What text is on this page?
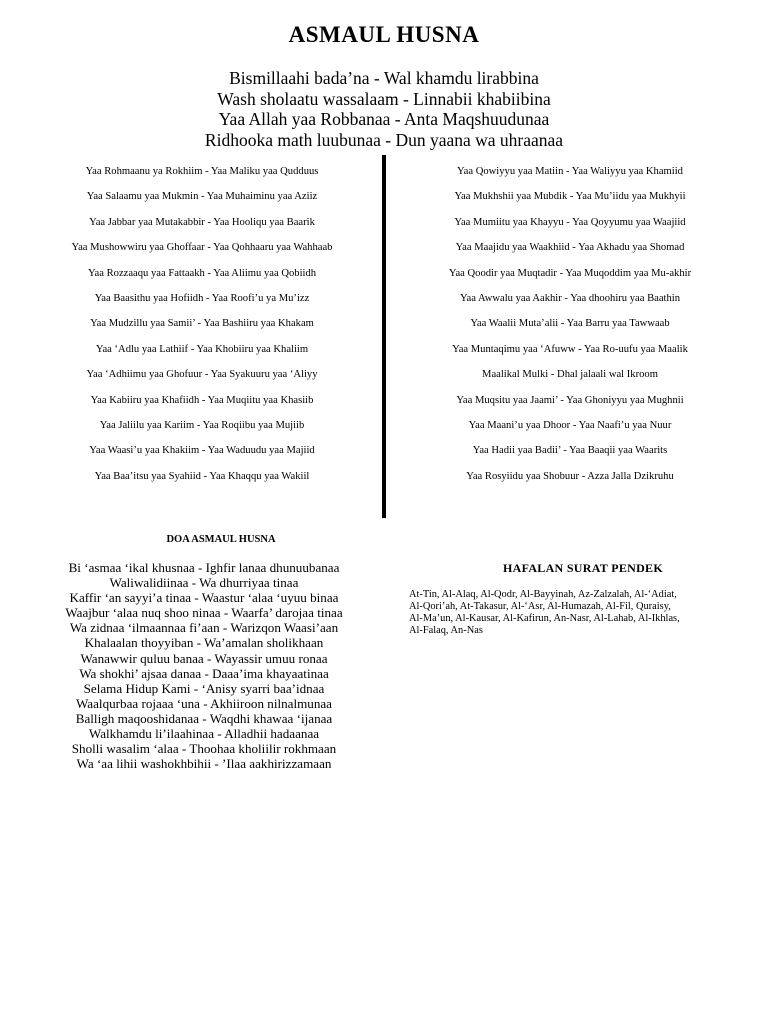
ASMAUL HUSNA
Bismillaahi bada’na - Wal khamdu lirabbina
Wash sholaatu wassalaam - Linnabii khabiibina
Yaa Allah yaa Robbanaa - Anta Maqshuudunaa
Ridhooka math luubunaa - Dun yaana wa uhraanaa
Yaa Rohmaanu ya Rokhiim - Yaa Maliku yaa Qudduus
Yaa Salaamu yaa Mukmin - Yaa Muhaiminu yaa Aziiz
Yaa Jabbar yaa Mutakabbir - Yaa Hooliqu yaa Baarik
Yaa Mushowwiru yaa Ghoffaar - Yaa Qohhaaru yaa Wahhaab
Yaa Rozzaaqu yaa Fattaakh - Yaa Aliimu yaa Qobiidh
Yaa Baasithu yaa Hofiidh - Yaa Roofi’u ya Mu’izz
Yaa Mudzillu yaa Samii’ - Yaa Bashiiru yaa Khakam
Yaa ‘Adlu yaa Lathiif - Yaa Khobiiru yaa Khaliim
Yaa ‘Adhiimu yaa Ghofuur - Yaa Syakuuru yaa ‘Aliyy
Yaa Kabiiru yaa Khafiidh - Yaa Muqiitu yaa Khasiib
Yaa Jaliilu yaa Kariim - Yaa Roqiibu yaa Mujiib
Yaa Waasi’u yaa Khakiim - Yaa Waduudu yaa Majiid
Yaa Baa’itsu yaa Syahiid - Yaa Khaqqu yaa Wakiil
Yaa Qowiyyu yaa Matiin - Yaa Waliyyu yaa Khamiid
Yaa Mukhshii yaa Mubdik - Yaa Mu’iidu yaa Mukhyii
Yaa Mumiitu yaa Khayyu - Yaa Qoyyumu yaa Waajiid
Yaa Maajidu yaa Waakhiid - Yaa Akhadu yaa Shomad
Yaa Qoodir yaa Muqtadir - Yaa Muqoddim yaa Mu-akhir
Yaa Awwalu yaa Aakhir - Yaa dhoohiru yaa Baathin
Yaa Waalii Muta’alii - Yaa Barru yaa Tawwaab
Yaa Muntaqimu yaa ‘Afuww - Yaa Ro-uufu yaa Maalik
Maalikal Mulki - Dhal jalaali wal Ikroom
Yaa Muqsitu yaa Jaami’ - Yaa Ghoniyyu yaa Mughnii
Yaa Maani’u yaa Dhoor - Yaa Naafi’u yaa Nuur
Yaa Hadii yaa Badii’ - Yaa Baaqii yaa Waarits
Yaa Rosyiidu yaa Shobuur - Azza Jalla Dzikruhu
DOA ASMAUL HUSNA
Bi ‘asmaa ‘ikal khusnaa - Ighfir lanaa dhunuubanaa
Waliwalidiinaa - Wa dhurriyaa tinaa
Kaffir ‘an sayyi’a tinaa - Waastur ‘alaa ‘uyuu binaa
Waajbur ‘alaa nuq shoo ninaa - Waarfa’ darojaa tinaa
Wa zidnaa ‘ilmaannaa fi’aan - Warizqon Waasi’aan
Khalaalan thoyyiban - Wa’amalan sholikhaan
Wanawwir quluu banaa - Wayassir umuu ronaa
Wa shokhi’ ajsaa danaa - Daaa’ima khayaatinaa
Selama Hidup Kami - ‘Anisy syarri baa’idnaa
Waalqurbaa rojaaa ‘una - Akhiiroon nilnalmunaa
Balligh maqooshidanaa - Waqdhi khawaa ‘ijanaa
Walkhamdu li’ilaahinaa - Alladhii hadaanaa
Sholli wasalim ‘alaa - Thoohaa kholiilir rokhmaan
Wa ‘aa lihii washokhbihii - ’Ilaa aakhirizzamaan
HAFALAN SURAT PENDEK
At-Tin, Al-Alaq, Al-Qodr, Al-Bayyinah, Az-Zalzalah, Al-‘Adiat,
Al-Qori’ah, At-Takasur, Al-‘Asr, Al-Humazah, Al-Fil, Quraisy,
Al-Ma’un, Al-Kausar, Al-Kafirun, An-Nasr, Al-Lahab, Al-Ikhlas,
Al-Falaq, An-Nas
